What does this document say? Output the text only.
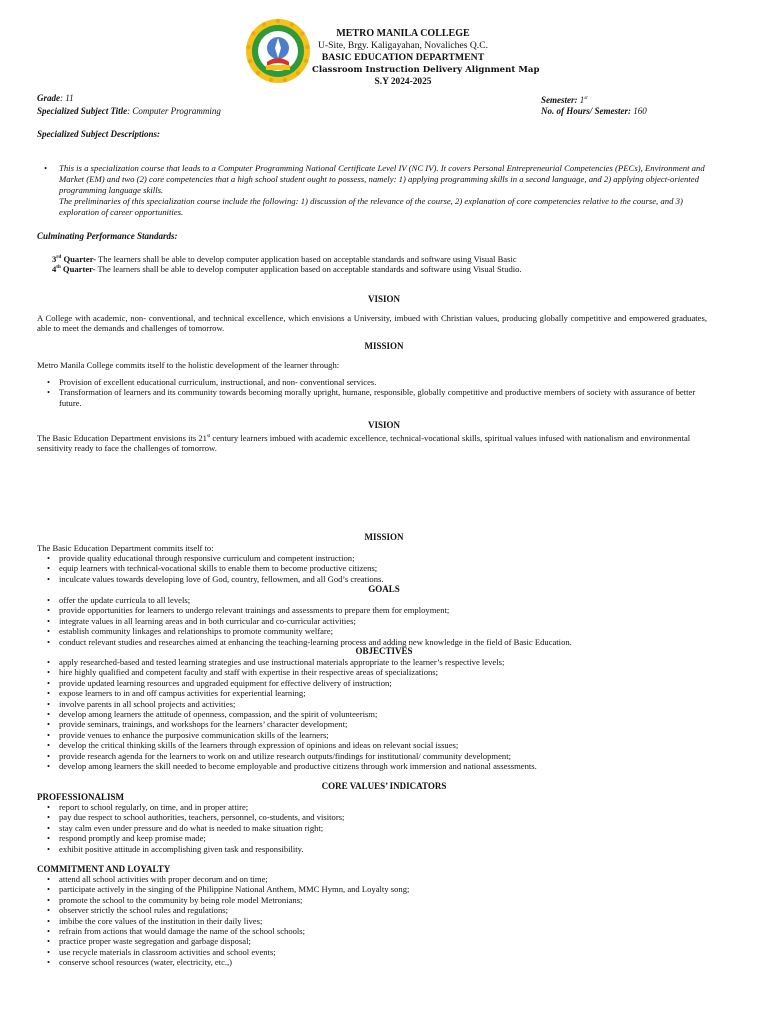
METRO MANILA COLLEGE
U-Site, Brgy. Kaligayahan, Novaliches Q.C.
BASIC EDUCATION DEPARTMENT
Classroom Instruction Delivery Alignment Map
S.Y 2024-2025
Grade: 11
Specialized Subject Title: Computer Programming
Semester: 1st
No. of Hours/ Semester: 160
Specialized Subject Descriptions:
• This is a specialization course that leads to a Computer Programming National Certificate Level IV (NC IV). It covers Personal Entrepreneurial Competencies (PECs), Environment and Market (EM) and two (2) core competencies that a high school student ought to possess, namely: 1) applying programming skills in a second language, and 2) applying object-oriented programming language skills.
The preliminaries of this specialization course include the following: 1) discussion of the relevance of the course, 2) explanation of core competencies relative to the course, and 3) exploration of career opportunities.
Culminating Performance Standards:
3rd Quarter- The learners shall be able to develop computer application based on acceptable standards and software using Visual Basic
4th Quarter- The learners shall be able to develop computer application based on acceptable standards and software using Visual Studio.
VISION
A College with academic, non- conventional, and technical excellence, which envisions a University, imbued with Christian values, producing globally competitive and empowered graduates, able to meet the demands and challenges of tomorrow.
MISSION
Metro Manila College commits itself to the holistic development of the learner through:
• Provision of excellent educational curriculum, instructional, and non- conventional services.
• Transformation of learners and its community towards becoming morally upright, humane, responsible, globally competitive and productive members of society with assurance of better future.
VISION
The Basic Education Department envisions its 21st century learners imbued with academic excellence, technical-vocational skills, spiritual values infused with nationalism and environmental sensitivity ready to face the challenges of tomorrow.
MISSION
The Basic Education Department commits itself to:
• provide quality educational through responsive curriculum and competent instruction;
• equip learners with technical-vocational skills to enable them to become productive citizens;
• inculcate values towards developing love of God, country, fellowmen, and all God’s creations.
GOALS
• offer the update curricula to all levels;
• provide opportunities for learners to undergo relevant trainings and assessments to prepare them for employment;
• integrate values in all learning areas and in both curricular and co-curricular activities;
• establish community linkages and relationships to promote community welfare;
• conduct relevant studies and researches aimed at enhancing the teaching-learning process and adding new knowledge in the field of Basic Education.
OBJECTIVES
• apply researched-based and tested learning strategies and use instructional materials appropriate to the learner’s respective levels;
• hire highly qualified and competent faculty and staff with expertise in their respective areas of specializations;
• provide updated learning resources and upgraded equipment for effective delivery of instruction;
• expose learners to in and off campus activities for experiential learning;
• involve parents in all school projects and activities;
• develop among learners the attitude of openness, compassion, and the spirit of volunteerism;
• provide seminars, trainings, and workshops for the learners’ character development;
• provide venues to enhance the purposive communication skills of the learners;
• develop the critical thinking skills of the learners through expression of opinions and ideas on relevant social issues;
• provide research agenda for the learners to work on and utilize research outputs/findings for institutional/ community development;
• develop among learners the skill needed to become employable and productive citizens through work immersion and national assessments.
CORE VALUES’ INDICATORS
PROFESSIONALISM
• report to school regularly, on time, and in proper attire;
• pay due respect to school authorities, teachers, personnel, co-students, and visitors;
• stay calm even under pressure and do what is needed to make situation right;
• respond promptly and keep promise made;
• exhibit positive attitude in accomplishing given task and responsibility.
COMMITMENT AND LOYALTY
• attend all school activities with proper decorum and on time;
• participate actively in the singing of the Philippine National Anthem, MMC Hymn, and Loyalty song;
• promote the school to the community by being role model Metronians;
• observer strictly the school rules and regulations;
• imbibe the core values of the institution in their daily lives;
• refrain from actions that would damage the name of the school schools;
• practice proper waste segregation and garbage disposal;
• use recycle materials in classroom activities and school events;
• conserve school resources (water, electricity, etc.,)
